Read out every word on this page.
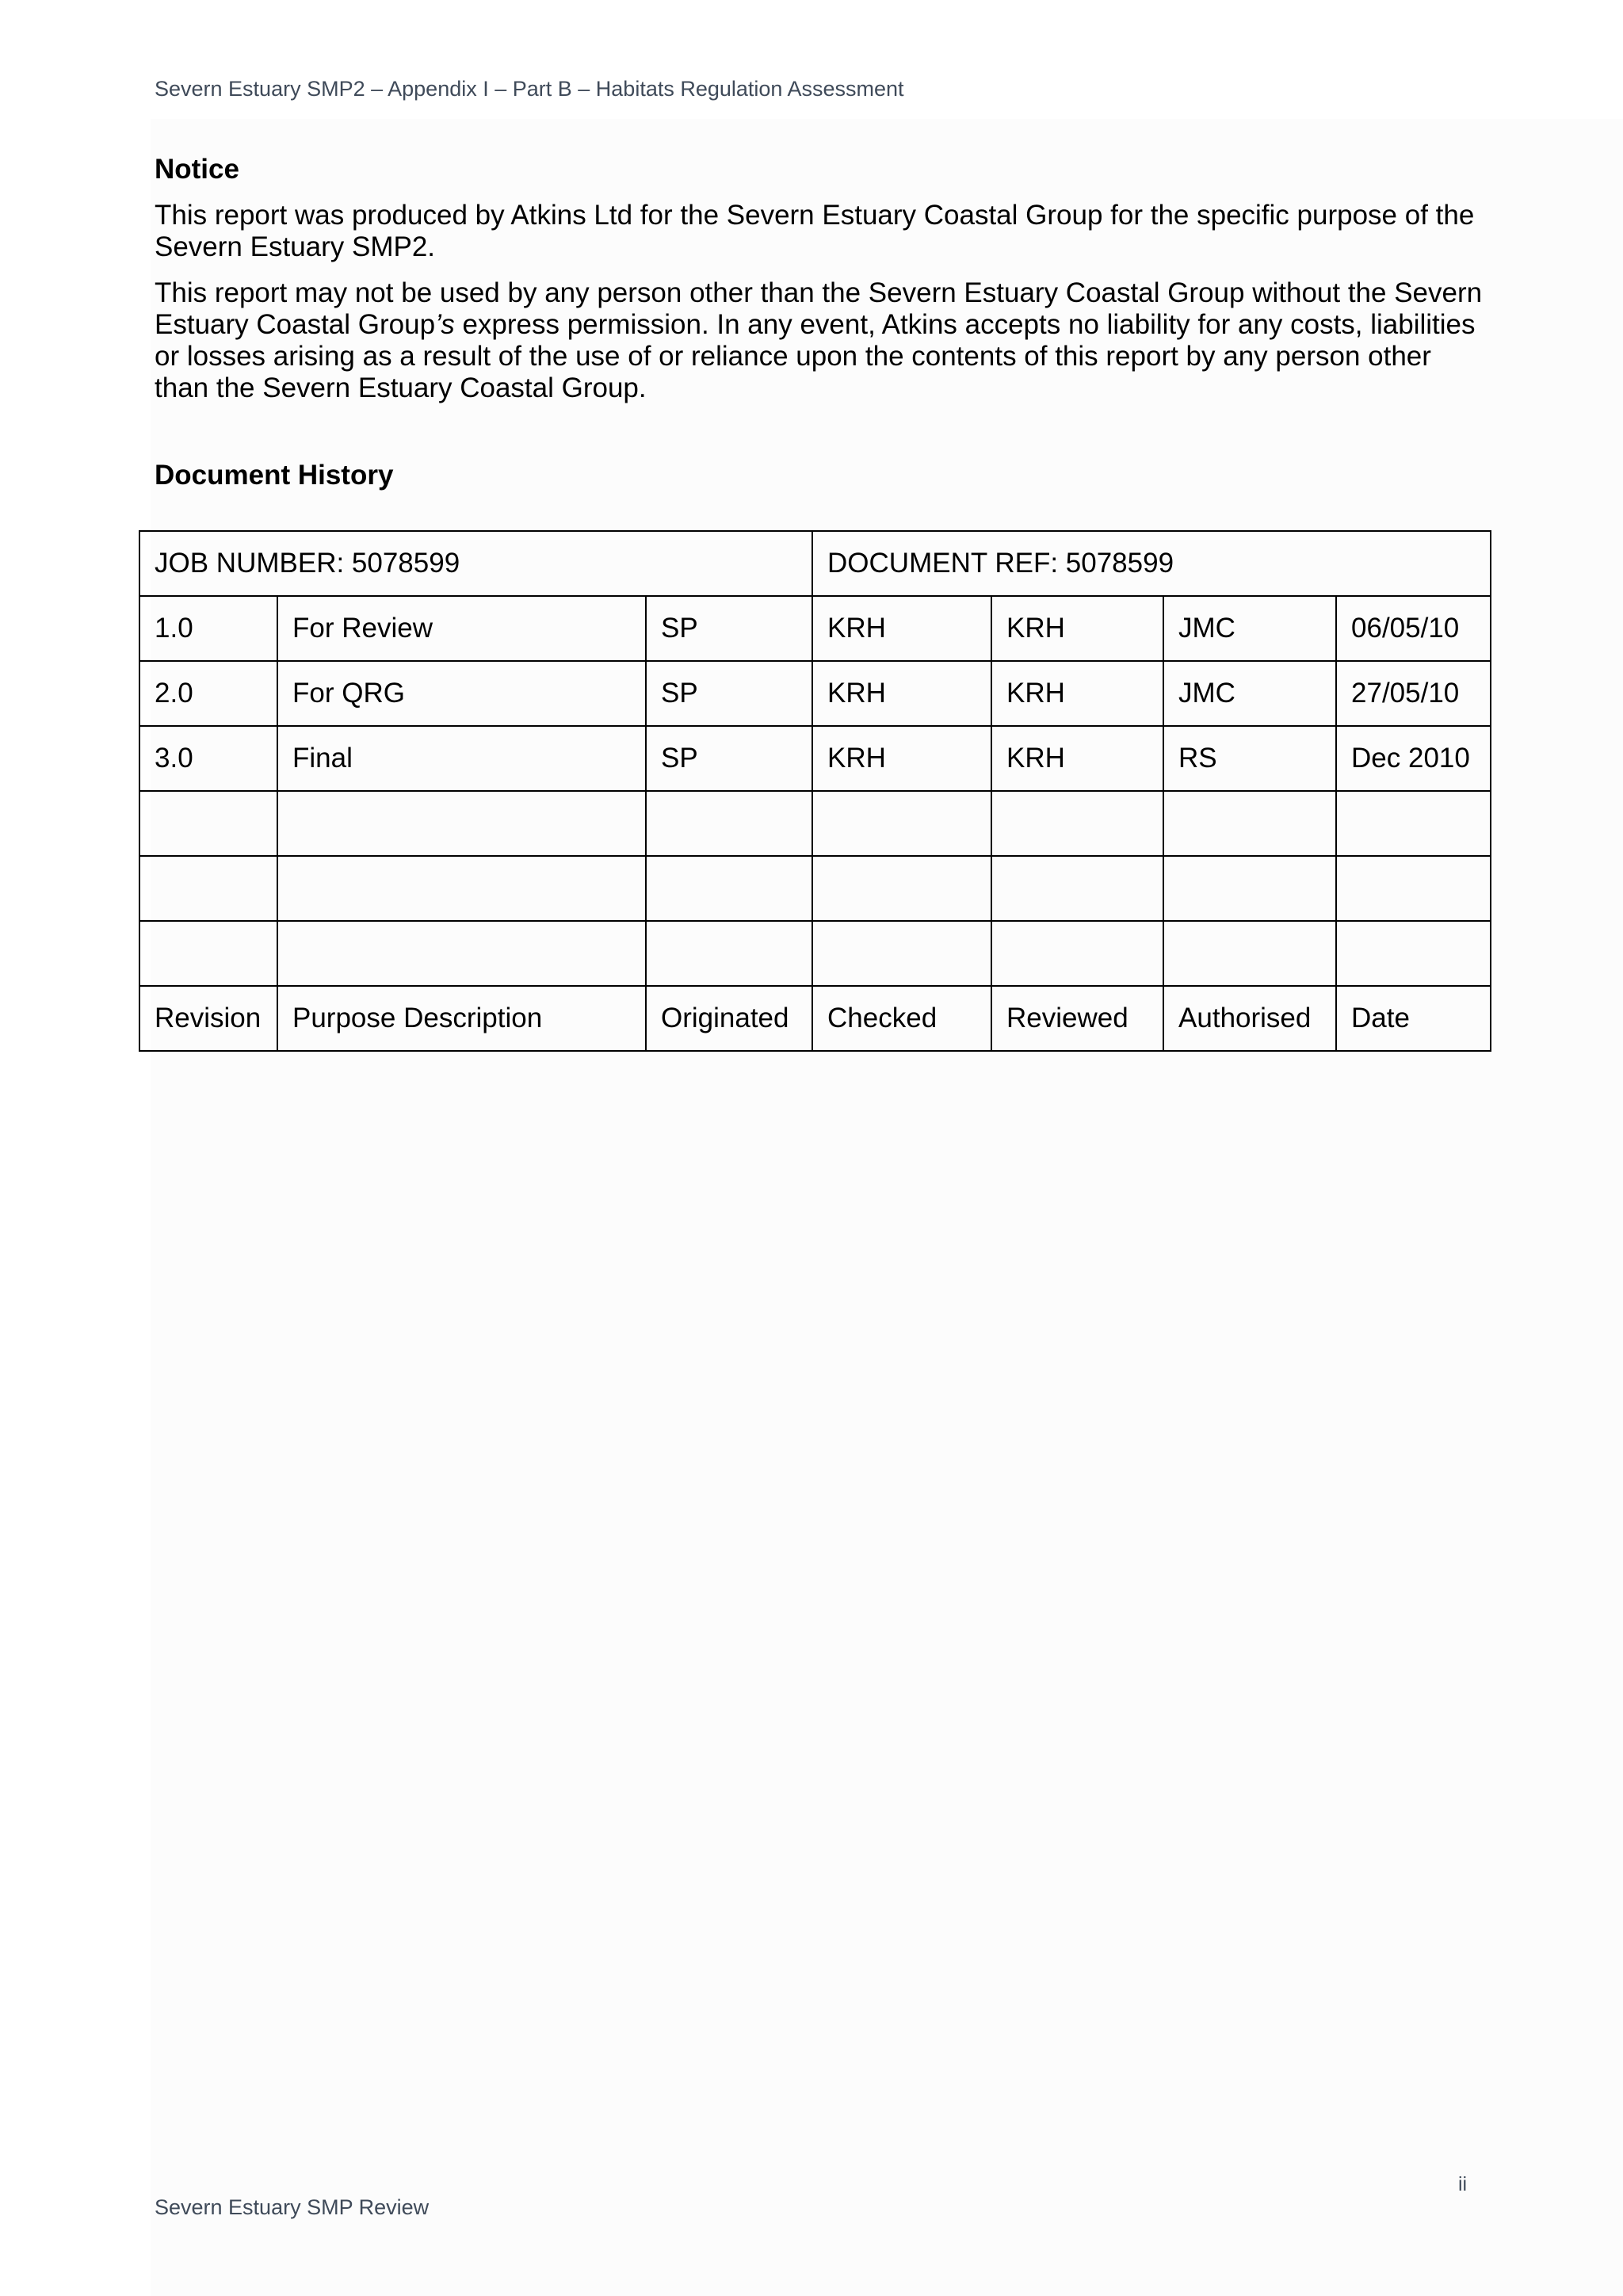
Severn Estuary SMP2 – Appendix I – Part B – Habitats Regulation Assessment
Notice

This report was produced by Atkins Ltd for the Severn Estuary Coastal Group for the specific purpose of the Severn Estuary SMP2.

This report may not be used by any person other than the Severn Estuary Coastal Group without the Severn Estuary Coastal Group’s express permission. In any event, Atkins accepts no liability for any costs, liabilities or losses arising as a result of the use of or reliance upon the contents of this report by any person other than the Severn Estuary Coastal Group.

Document History
JOB NUMBER: 5078599			DOCUMENT REF: 5078599			
1.0	For Review	SP	KRH	KRH	JMC	06/05/10
2.0	For QRG	SP	KRH	KRH	JMC	27/05/10
3.0	Final	SP	KRH	KRH	RS	Dec 2010

Revision	Purpose Description	Originated	Checked	Reviewed	Authorised	Date
ii
Severn Estuary SMP Review
